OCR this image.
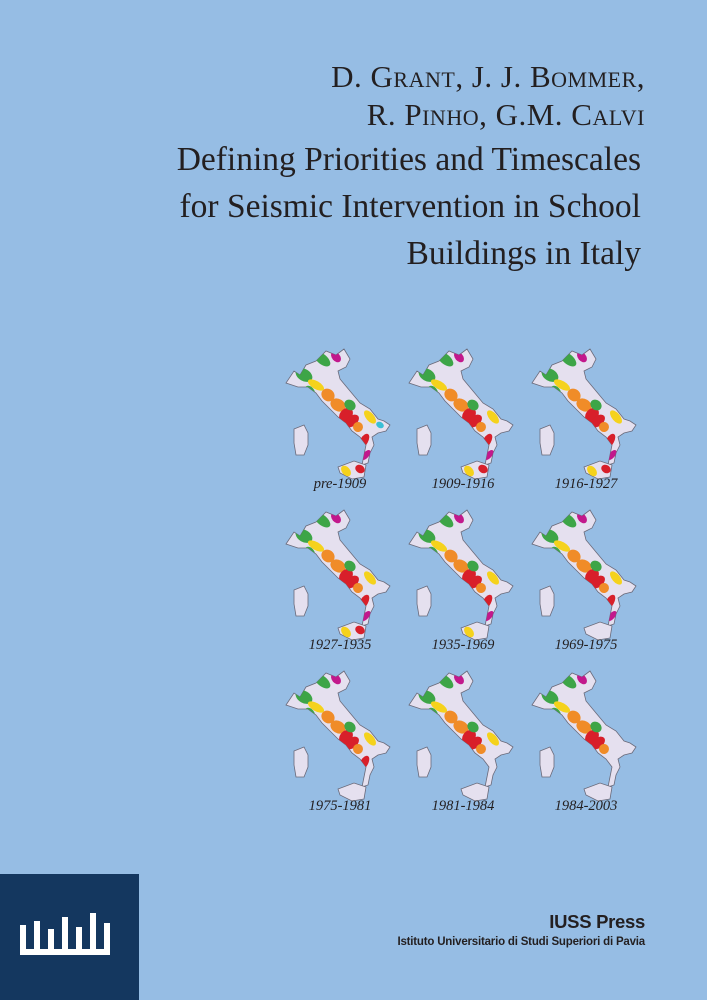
D. Grant, J. J. Bommer,
R. Pinho, G.M. Calvi
Defining Priorities and Timescales
for Seismic Intervention in School
Buildings in Italy
pre-1909	1909-1916	1916-1927
1927-1935	1935-1969	1969-1975
1975-1981	1981-1984	1984-2003
IUSS Press
Istituto Universitario di Studi Superiori di Pavia
